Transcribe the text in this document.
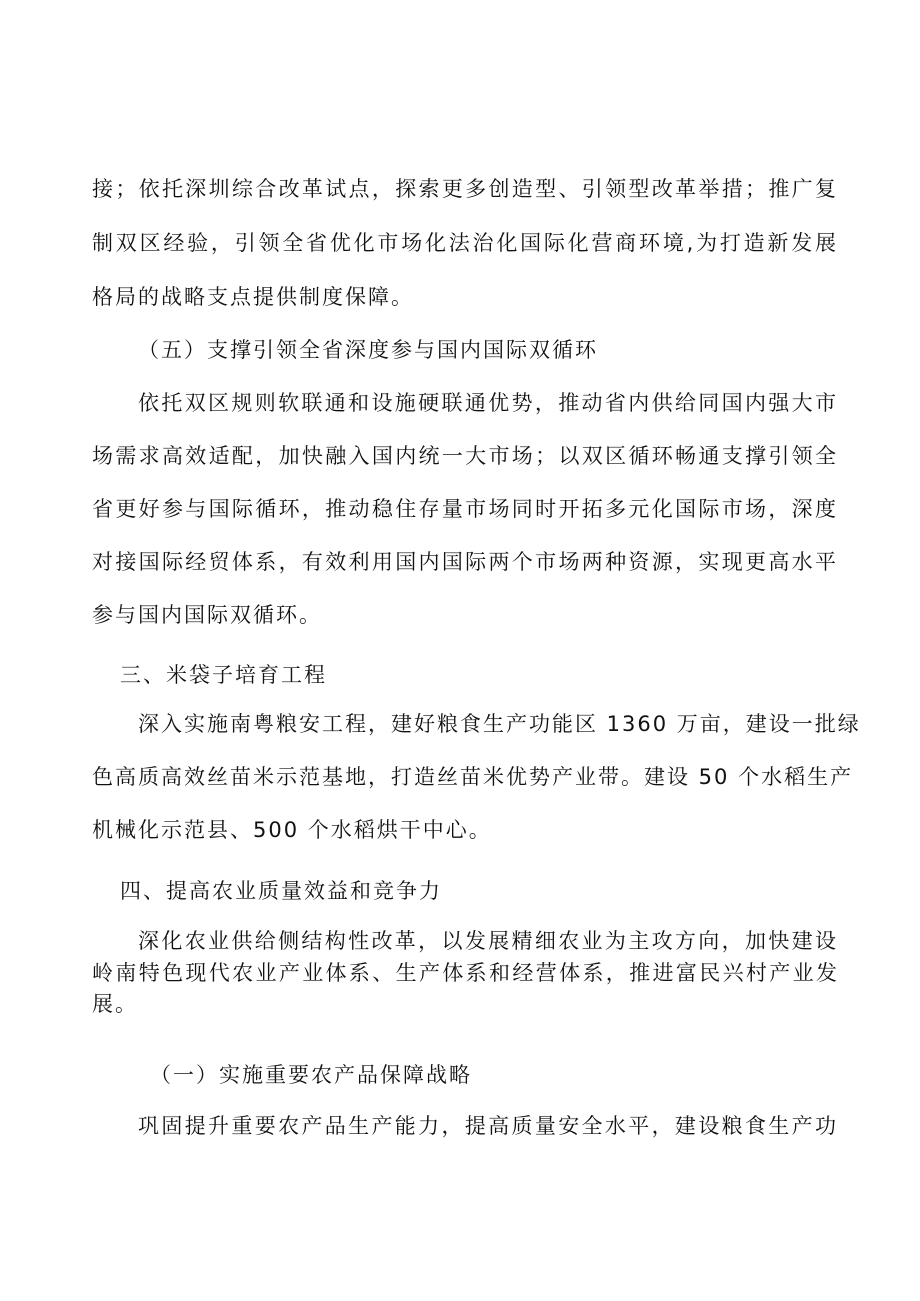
接；依托深圳综合改革试点，探索更多创造型、引领型改革举措；推广复
制双区经验，引领全省优化市场化法治化国际化营商环境,为打造新发展
格局的战略支点提供制度保障。
（五）支撑引领全省深度参与国内国际双循环
依托双区规则软联通和设施硬联通优势，推动省内供给同国内强大市
场需求高效适配，加快融入国内统一大市场；以双区循环畅通支撑引领全
省更好参与国际循环，推动稳住存量市场同时开拓多元化国际市场，深度
对接国际经贸体系，有效利用国内国际两个市场两种资源，实现更高水平
参与国内国际双循环。
三、米袋子培育工程
深入实施南粤粮安工程，建好粮食生产功能区 1360 万亩，建设一批绿
色高质高效丝苗米示范基地，打造丝苗米优势产业带。建设 50 个水稻生产
机械化示范县、500 个水稻烘干中心。
四、提高农业质量效益和竞争力
深化农业供给侧结构性改革，以发展精细农业为主攻方向，加快建设
岭南特色现代农业产业体系、生产体系和经营体系，推进富民兴村产业发
展。
（一）实施重要农产品保障战略
巩固提升重要农产品生产能力，提高质量安全水平，建设粮食生产功
